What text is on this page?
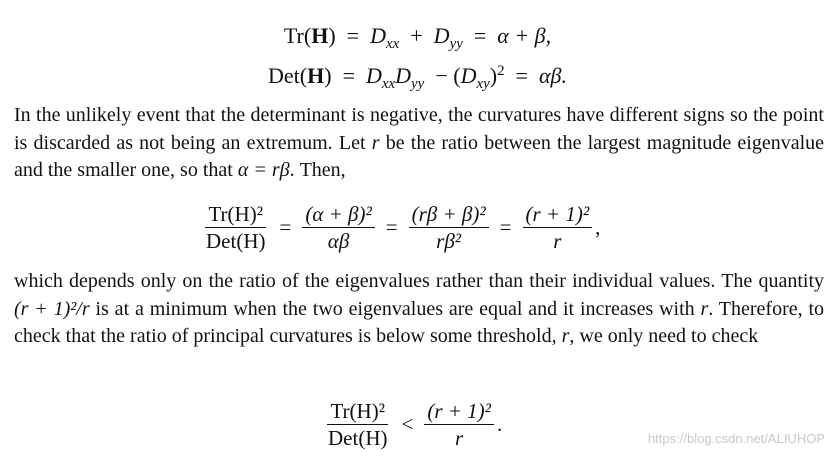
$Tr(H) = D_{xx} + D_{yy} = \alpha + \beta$,
$Det(H) = D_{xx}D_{yy} - (D_{xy})^2 = \alpha\beta$.
In the unlikely event that the determinant is negative, the curvatures have different signs so the point is discarded as not being an extremum. Let r be the ratio between the largest magnitude eigenvalue and the smaller one, so that α = rβ. Then,
$\frac{\text{Tr(H)²}}{\text{Det(H)}} = \frac{\text{(α + β)²}}{\alpha\beta} = \frac{\text{(rβ + β)²}}{\text{rβ²}} = \frac{\text{(r + 1)²}}{r}$ ,
which depends only on the ratio of the eigenvalues rather than their individual values. The quantity (r + 1)²/r is at a minimum when the two eigenvalues are equal and it increases with r. Therefore, to check that the ratio of principal curvatures is below some threshold, r, we only need to check
$\frac{\text{Tr(H)²}}{\text{Det(H)}} < \frac{\text{(r + 1)²}}{r}$ .
https://blog.csdn.net/ALIUHOP
